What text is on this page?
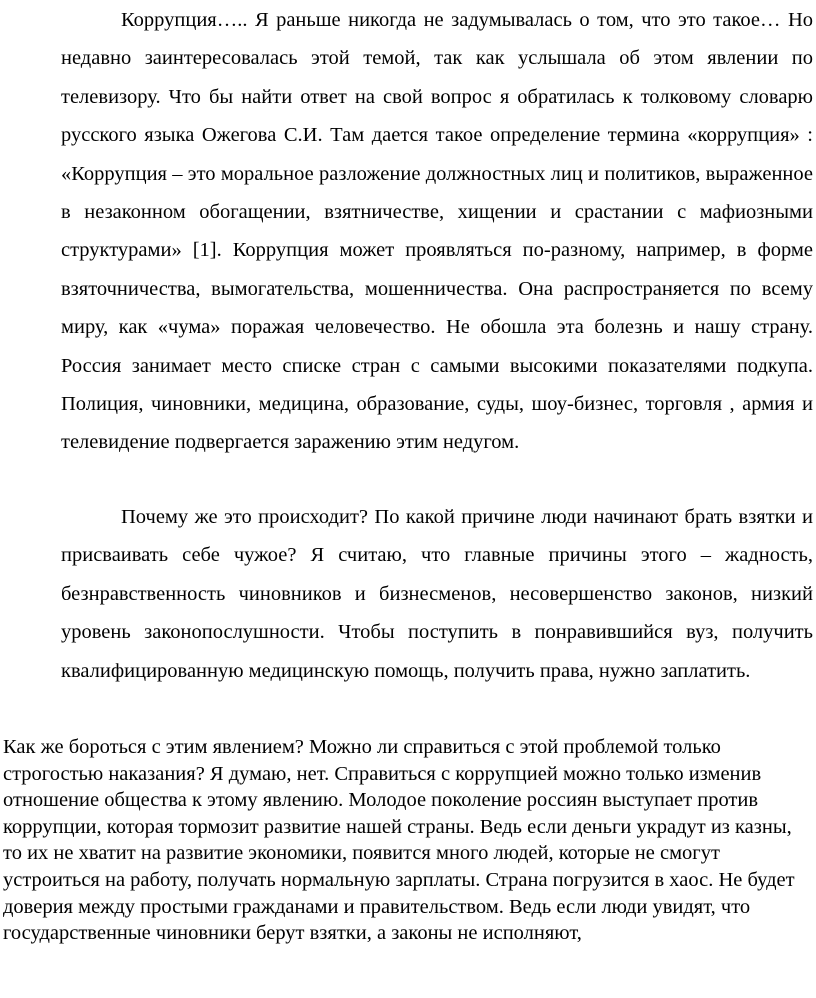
Коррупция….. Я раньше никогда не задумывалась о том, что это такое… Но недавно заинтересовалась этой темой, так как услышала об этом явлении по телевизору. Что бы найти ответ на свой вопрос я обратилась к толковому словарю русского языка Ожегова С.И. Там дается такое определение термина «коррупция» : «Коррупция – это моральное разложение должностных лиц и политиков, выраженное в незаконном обогащении, взятничестве, хищении и срастании с мафиозными структурами» [1]. Коррупция может проявляться по-разному, например, в форме взяточничества, вымогательства, мошенничества. Она распространяется по всему миру, как «чума» поражая человечество. Не обошла эта болезнь и нашу страну. Россия занимает место списке стран с самыми высокими показателями подкупа. Полиция, чиновники, медицина, образование, суды, шоу-бизнес, торговля , армия и телевидение подвергается заражению этим недугом.

Почему же это происходит? По какой причине люди начинают брать взятки и присваивать себе чужое? Я считаю, что главные причины этого – жадность, безнравственность чиновников и бизнесменов, несовершенство законов, низкий уровень законопослушности. Чтобы поступить в понравившийся вуз, получить квалифицированную медицинскую помощь, получить права, нужно заплатить.

Как же бороться с этим явлением? Можно ли справиться с этой проблемой только строгостью наказания? Я думаю, нет. Справиться с коррупцией можно только изменив отношение общества к этому явлению. Молодое поколение россиян выступает против коррупции, которая тормозит развитие нашей страны. Ведь если деньги украдут из казны, то их не хватит на развитие экономики, появится много людей, которые не смогут устроиться на работу, получать нормальную зарплаты. Страна погрузится в хаос. Не будет доверия между простыми гражданами и правительством. Ведь если люди увидят, что государственные чиновники берут взятки, а законы не исполняют,
